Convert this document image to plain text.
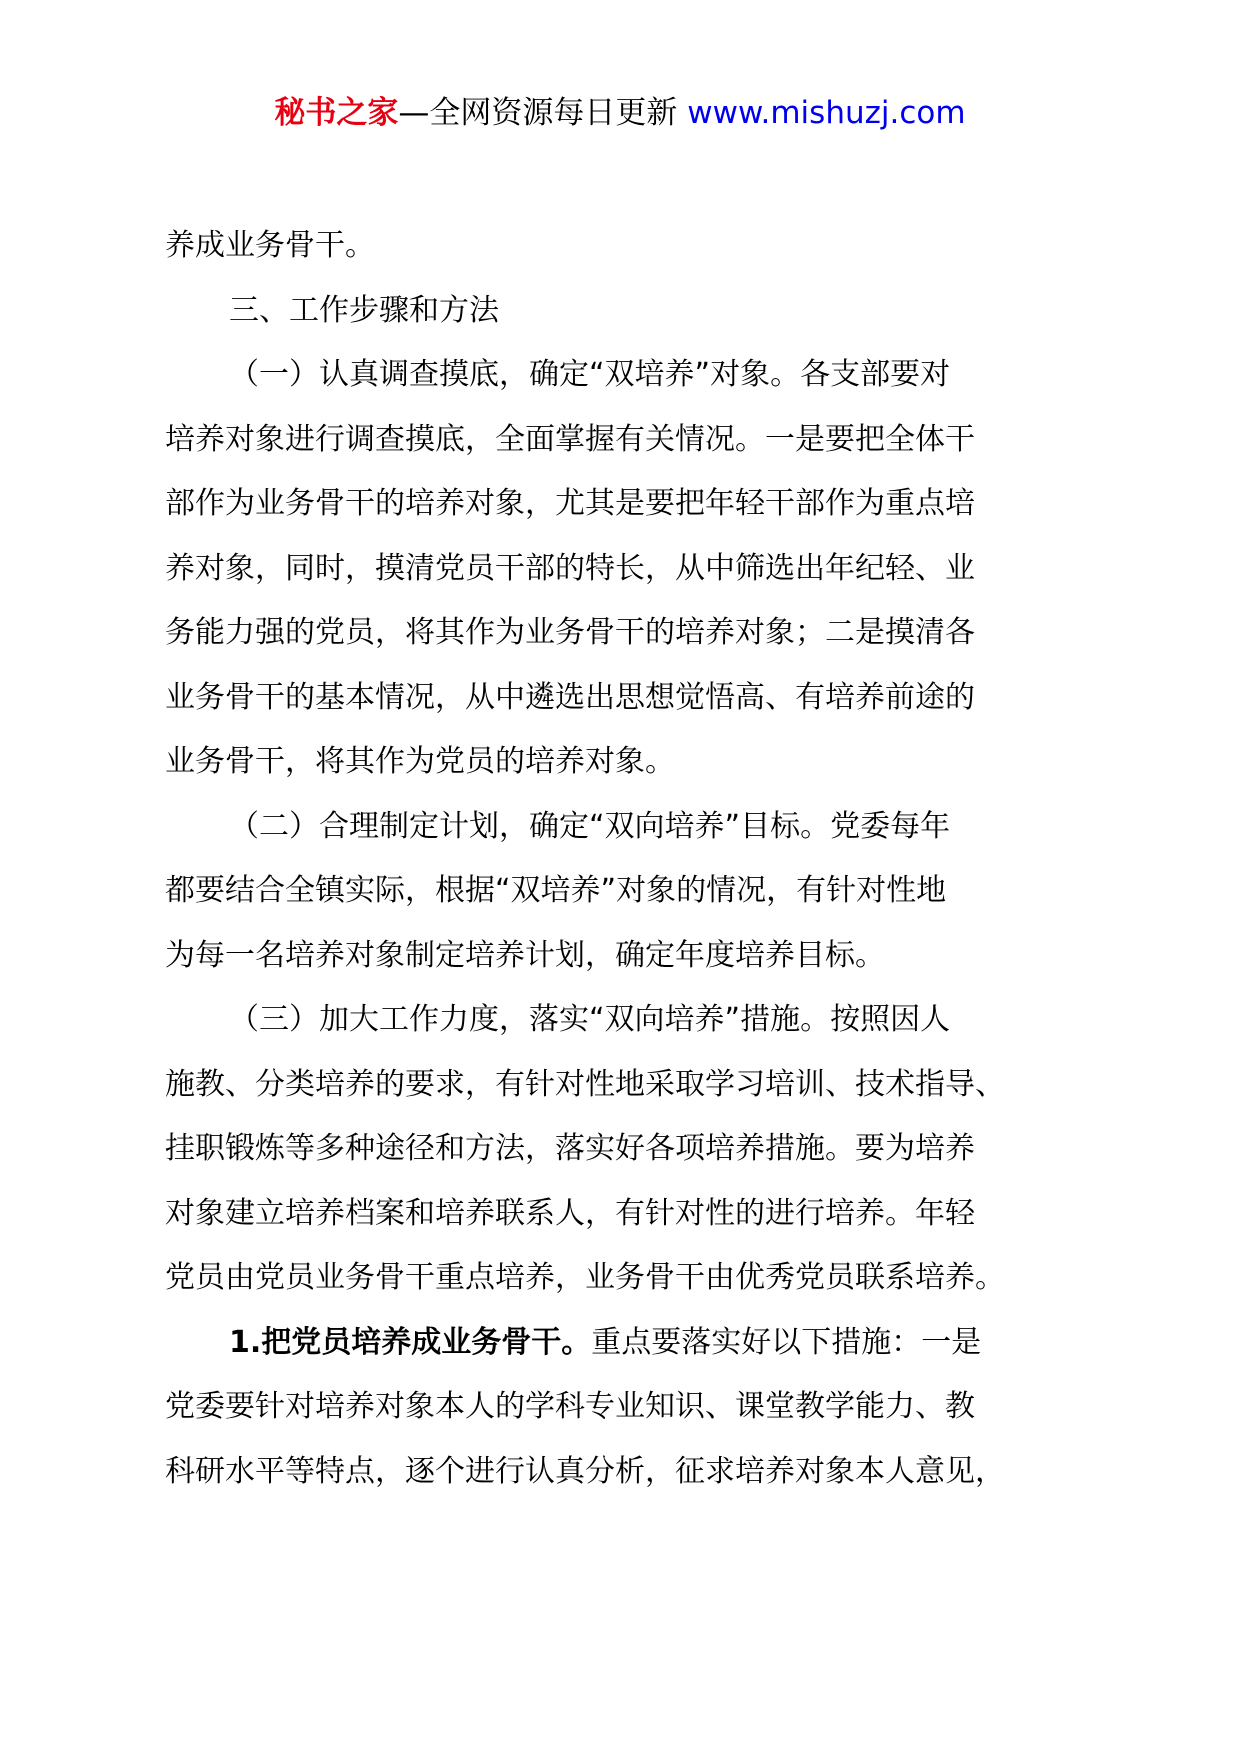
秘书之家—全网资源每日更新 www.mishuzj.com
养成业务骨干。
三、工作步骤和方法
（一）认真调查摸底，确定“双培养”对象。各支部要对
培养对象进行调查摸底，全面掌握有关情况。一是要把全体干
部作为业务骨干的培养对象，尤其是要把年轻干部作为重点培
养对象，同时，摸清党员干部的特长，从中筛选出年纪轻、业
务能力强的党员，将其作为业务骨干的培养对象；二是摸清各
业务骨干的基本情况，从中遴选出思想觉悟高、有培养前途的
业务骨干，将其作为党员的培养对象。
（二）合理制定计划，确定“双向培养”目标。党委每年
都要结合全镇实际，根据“双培养”对象的情况，有针对性地
为每一名培养对象制定培养计划，确定年度培养目标。
（三）加大工作力度，落实“双向培养”措施。按照因人
施教、分类培养的要求，有针对性地采取学习培训、技术指导、
挂职锻炼等多种途径和方法，落实好各项培养措施。要为培养
对象建立培养档案和培养联系人，有针对性的进行培养。年轻
党员由党员业务骨干重点培养，业务骨干由优秀党员联系培养。
1.把党员培养成业务骨干。重点要落实好以下措施：一是
党委要针对培养对象本人的学科专业知识、课堂教学能力、教
科研水平等特点，逐个进行认真分析，征求培养对象本人意见，
